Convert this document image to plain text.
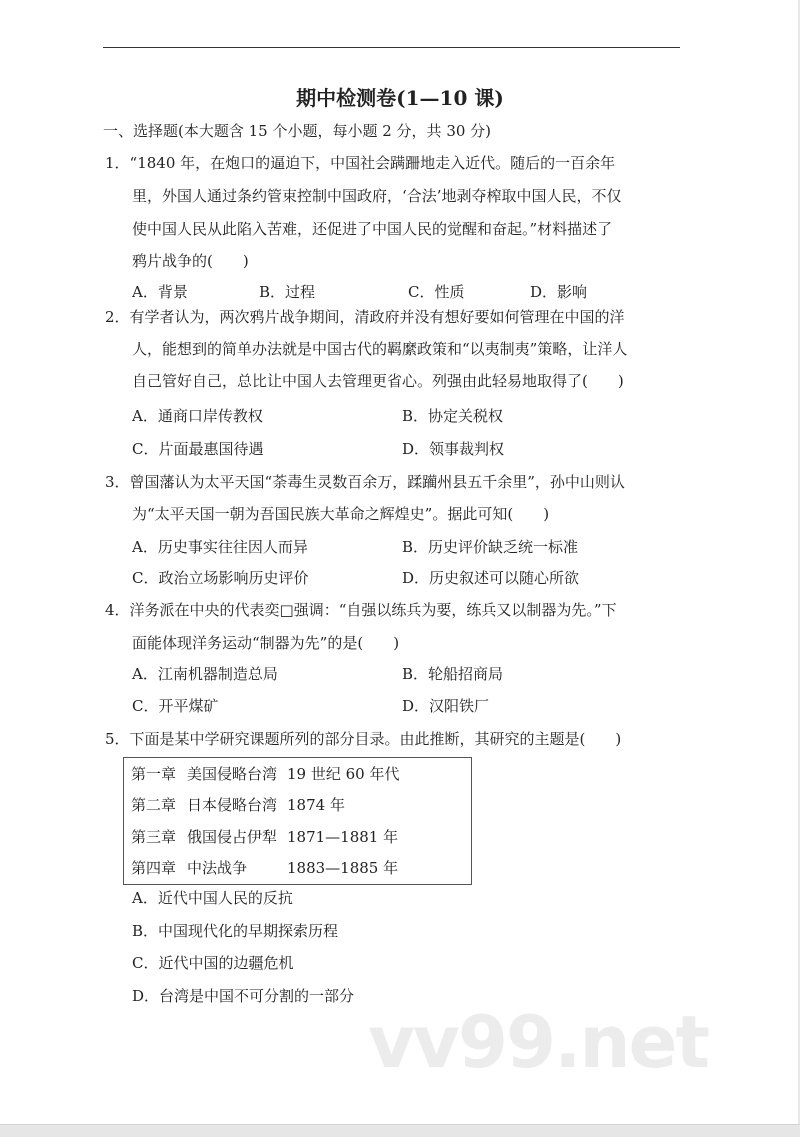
期中检测卷(1—10 课)
一、选择题(本大题含 15 个小题，每小题 2 分，共 30 分)
1．“1840 年，在炮口的逼迫下，中国社会蹒跚地走入近代。随后的一百余年
里，外国人通过条约管束控制中国政府，‘合法’地剥夺榨取中国人民，不仅
使中国人民从此陷入苦难，还促进了中国人民的觉醒和奋起。”材料描述了
鸦片战争的(　　)
A．背景	B．过程	C．性质	D．影响
2．有学者认为，两次鸦片战争期间，清政府并没有想好要如何管理在中国的洋
人，能想到的简单办法就是中国古代的羁縻政策和“以夷制夷”策略，让洋人
自己管好自己，总比让中国人去管理更省心。列强由此轻易地取得了(　　)
A．通商口岸传教权	B．协定关税权
C．片面最惠国待遇	D．领事裁判权
3．曾国藩认为太平天国“荼毒生灵数百余万，蹂躏州县五千余里”，孙中山则认
为“太平天国一朝为吾国民族大革命之辉煌史”。据此可知(　　)
A．历史事实往往因人而异	B．历史评价缺乏统一标准
C．政治立场影响历史评价	D．历史叙述可以随心所欲
4．洋务派在中央的代表奕□强调：“自强以练兵为要，练兵又以制器为先。”下
面能体现洋务运动“制器为先”的是(　　)
A．江南机器制造总局	B．轮船招商局
C．开平煤矿	D．汉阳铁厂
5．下面是某中学研究课题所列的部分目录。由此推断，其研究的主题是(　　)
第一章 美国侵略台湾 19 世纪 60 年代
第二章 日本侵略台湾 1874 年
第三章 俄国侵占伊犁 1871—1881 年
第四章 中法战争	1883—1885 年
A．近代中国人民的反抗
B．中国现代化的早期探索历程
C．近代中国的边疆危机
D．台湾是中国不可分割的一部分
vv99.net
